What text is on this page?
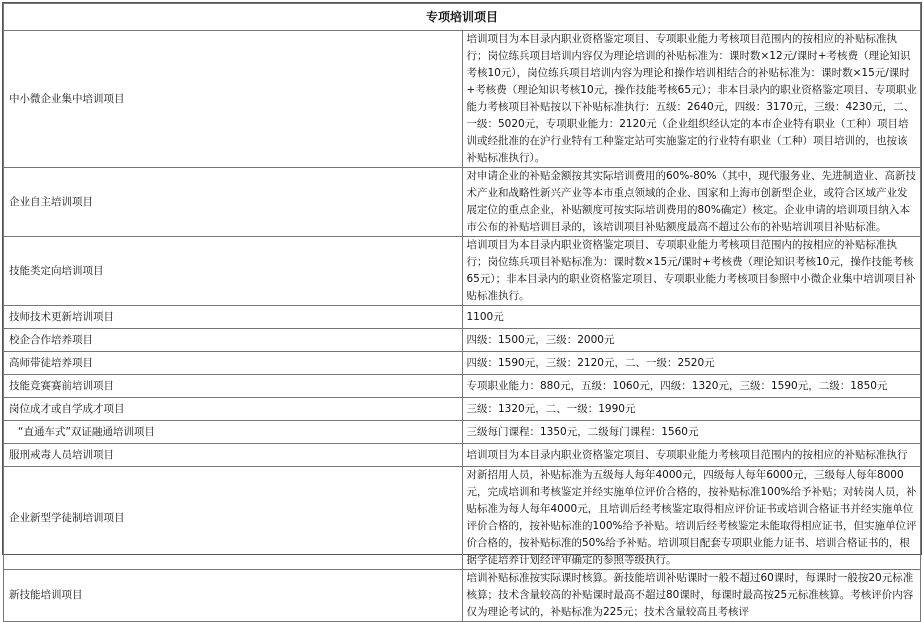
专项培训项目	
中小微企业集中培训项目	培训项目为本目录内职业资格鉴定项目、专项职业能力考核项目范围内的按相应的补贴标准执行；岗位练兵项目培训内容仅为理论培训的补贴标准为：课时数×12元/课时+考核费（理论知识考核10元），岗位练兵项目培训内容为理论和操作培训相结合的补贴标准为：课时数×15元/课时+考核费（理论知识考核10元，操作技能考核65元）；非本目录内的职业资格鉴定项目、专项职业能力考核项目补贴按以下补贴标准执行：五级：2640元，四级：3170元，三级：4230元，二、一级：5020元，专项职业能力：2120元（企业组织经认定的本市企业特有职业（工种）项目培训或经批准的在沪行业特有工种鉴定站可实施鉴定的行业特有职业（工种）项目培训的，也按该补贴标准执行）。
企业自主培训项目	对申请企业的补贴金额按其实际培训费用的60%-80%（其中，现代服务业、先进制造业、高新技术产业和战略性新兴产业等本市重点领域的企业、国家和上海市创新型企业，或符合区域产业发展定位的重点企业，补贴额度可按实际培训费用的80%确定）核定。企业申请的培训项目纳入本市公布的补贴培训目录的，该培训项目补贴额度最高不超过公布的补贴培训项目补贴标准。
技能类定向培训项目	培训项目为本目录内职业资格鉴定项目、专项职业能力考核项目范围内的按相应的补贴标准执行；岗位练兵项目补贴标准为：课时数×15元/课时+考核费（理论知识考核10元，操作技能考核65元）；非本目录内的职业资格鉴定项目、专项职业能力考核项目参照中小微企业集中培训项目补贴标准执行。
技师技术更新培训项目	1100元
校企合作培养项目	四级：1500元，三级：2000元
高师带徒培养项目	四级：1590元，三级：2120元，二、一级：2520元
技能竞赛赛前培训项目	专项职业能力：880元，五级：1060元，四级：1320元，三级：1590元，二级：1850元
岗位成才或自学成才项目	三级：1320元，二、一级：1990元
“直通车式”双证融通培训项目	三级每门课程：1350元，二级每门课程：1560元
服刑戒毒人员培训项目	培训项目为本目录内职业资格鉴定项目、专项职业能力考核项目范围内的按相应的补贴标准执行
企业新型学徒制培训项目	对新招用人员，补贴标准为五级每人每年4000元，四级每人每年6000元，三级每人每年8000元，完成培训和考核鉴定并经实施单位评价合格的，按补贴标准100%给予补贴；对转岗人员，补贴标准为每人每年4000元，且培训后经考核鉴定取得相应评价证书或培训合格证书并经实施单位评价合格的，按补贴标准的100%给予补贴。培训后经考核鉴定未能取得相应证书，但实施单位评价合格的，按补贴标准的50%给予补贴。培训项目配套专项职业能力证书、培训合格证书的，根据学徒培养计划经评审确定的参照等级执行。
新技能培训项目	培训补贴标准按实际课时核算。新技能培训补贴课时一般不超过60课时，每课时一般按20元标准核算；技术含量较高的补贴课时最高不超过80课时，每课时最高按25元标准核算。考核评价内容仅为理论考试的，补贴标准为225元；技术含量较高且考核评
